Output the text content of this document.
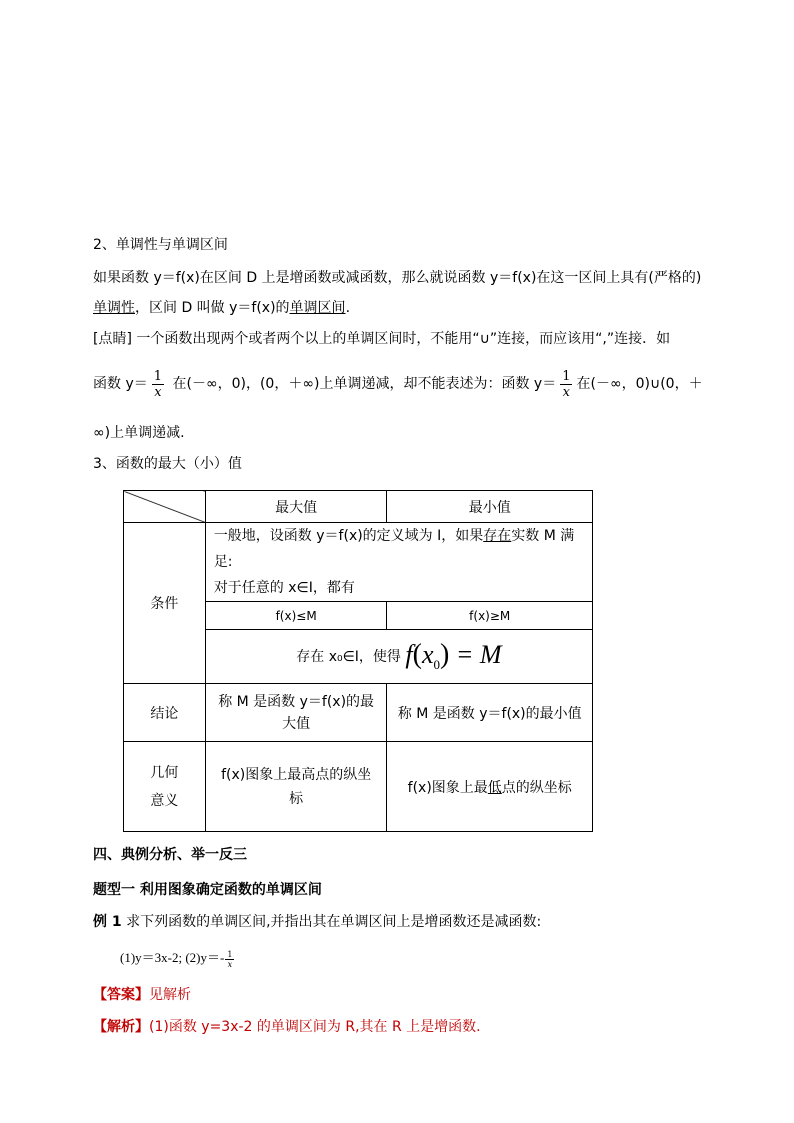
2、单调性与单调区间
如果函数 y＝f(x)在区间 D 上是增函数或减函数，那么就说函数 y＝f(x)在这一区间上具有(严格的)
单调性，区间 D 叫做 y＝f(x)的单调区间.
[点睛] 一个函数出现两个或者两个以上的单调区间时，不能用“∪”连接，而应该用“,”连接．如
函数 $y= \frac{1}{x}$ 在(－∞，0)，(0，＋∞)上单调递减，却不能表述为：函数 $y= \frac{1}{x}$ 在(－∞，0)∪(0，＋
∞)上单调递减.
3、函数的最大（小）值
	最大值	最小值
条件	一般地，设函数 y＝f(x)的定义域为 I，如果存在实数 M 满足:
对于任意的 x∈I，都有	
	f(x)≤M	f(x)≥M
	存在 x₀∈I，使得 $f(x_0) = M$	
结论	称 M 是函数 y＝f(x)的最大值	称 M 是函数 y＝f(x)的最小值
几何
意义	f(x)图象上最高点的纵坐标	f(x)图象上最低点的纵坐标
四、典例分析、举一反三
题型一 利用图象确定函数的单调区间
例 1 求下列函数的单调区间,并指出其在单调区间上是增函数还是减函数:
(1)y＝3x-2; $(2)y=- \frac{1}{x}$
【答案】见解析
【解析】(1)函数 y=3x-2 的单调区间为 R,其在 R 上是增函数.
